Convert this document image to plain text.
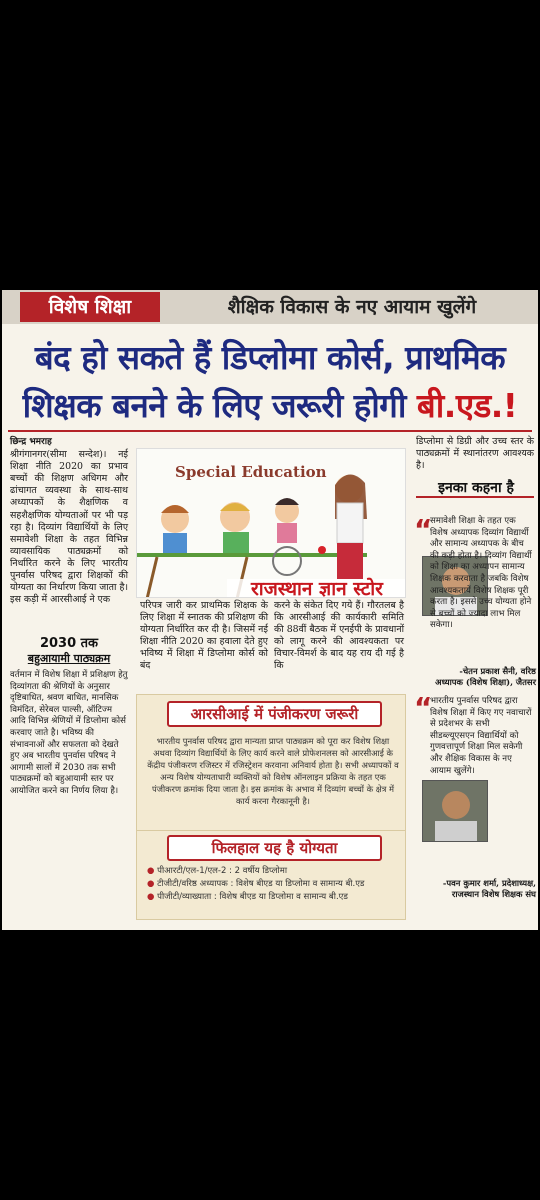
विशेष शिक्षा	शैक्षिक विकास के नए आयाम खुलेंगे
बंद हो सकते हैं डिप्लोमा कोर्स, प्राथमिक
शिक्षक बनने के लिए जरूरी होगी बी.एड.!

छिन्द्र भमराह

श्रीगंगानगर(सीमा सन्देश)। नई शिक्षा नीति 2020 का प्रभाव बच्चों की शिक्षण अधिगम और ढांचागत व्यवस्था के साथ-साथ अध्यापकों के शैक्षणिक व सहशैक्षणिक योग्यताओं पर भी पड़ रहा है। दिव्यांग विद्यार्थियों के लिए समावेशी शिक्षा के तहत विभिन्न व्यावसायिक पाठ्यक्रमों को निर्धारित करने के लिए भारतीय पुनर्वास परिषद द्वारा शिक्षकों की योग्यता का निर्धारण किया जाता है। इस कड़ी में आरसीआई ने एक

2030 तक
बहुआयामी पाठ्यक्रम
वर्तमान में विशेष शिक्षा में प्रशिक्षण हेतु दिव्यांगता की श्रेणियों के अनुसार दृष्टिबाधित, श्रवण बाधित, मानसिक विमंदित, सेरेबल पाल्सी, ऑटिज्म आदि विभिन्न श्रेणियों में डिप्लोमा कोर्स करवाए जाते है। भविष्य की संभावनाओं और सफलता को देखते हुए अब भारतीय पुनर्वास परिषद ने आगामी सालों में 2030 तक सभी पाठ्यक्रमों को बहुआयामी स्तर पर आयोजित करने का निर्णय लिया है।
Special Education
राजस्थान ज्ञान स्टोर
परिपत्र जारी कर प्राथमिक शिक्षक के लिए शिक्षा में स्नातक की प्रशिक्षण की योग्यता निर्धारित कर दी है। जिसमें नई शिक्षा नीति 2020 का हवाला देते हुए भविष्य में शिक्षा में डिप्लोमा कोर्स को बंद
करने के संकेत दिए गये हैं। गौरतलब है कि आरसीआई की कार्यकारी समिति की 88वीं बैठक में एनईपी के प्रावधानों को लागू करने की आवश्यकता पर विचार-विमर्श के बाद यह राय दी गई है कि
डिप्लोमा से डिग्री और उच्च स्तर के पाठ्यक्रमों में स्थानांतरण आवश्यक है।
इनका कहना है
“
समावेशी शिक्षा के तहत एक विशेष अध्यापक दिव्यांग विद्यार्थी और सामान्य अध्यापक के बीच की कड़ी होता है। दिव्यांग विद्यार्थी को शिक्षा का अध्यापन सामान्य शिक्षक करवाता है जबकि विशेष आवश्यकतायें विशेष शिक्षक पूरी करता है। इससे उच्च योग्यता होने से बच्चों को ज्यादा लाभ मिल सकेगा।
-चेतन प्रकाश सैनी, वरिष्ठ
अध्यापक (विशेष शिक्षा), जैतसर
“
भारतीय पुनर्वास परिषद द्वारा विशेष शिक्षा में किए गए नवाचारों से प्रदेशभर के सभी सीडब्ल्यूएसएन विद्यार्थियों को गुणवत्तापूर्ण शिक्षा मिल सकेगी और शैक्षिक विकास के नए आयाम खुलेंगे।
-पवन कुमार शर्मा, प्रदेशाध्यक्ष,
राजस्थान विशेष शिक्षक संघ
आरसीआई में पंजीकरण जरूरी
भारतीय पुनर्वास परिषद द्वारा मान्यता प्राप्त पाठ्यक्रम को पूरा कर विशेष शिक्षा अथवा दिव्यांग विद्यार्थियों के लिए कार्य करने वाले प्रोफेशनलस को आरसीआई के केंद्रीय पंजीकरण रजिस्टर में रजिस्ट्रेशन करवाना अनिवार्य होता है। सभी अध्यापकों व अन्य विशेष योग्यताधारी व्यक्तियों को विशेष ऑनलाइन प्रक्रिया के तहत एक पंजीकरण क्रमांक दिया जाता है। इस क्रमांक के अभाव में दिव्यांग बच्चों के क्षेत्र में कार्य करना गैरकानूनी है।
फिलहाल यह है योग्यता
● पीआरटी/एल-1/एल-2 : 2 वर्षीय डिप्लोमा
● टीजीटी/वरिष्ठ अध्यापक : विशेष बीएड या डिप्लोमा व सामान्य बी.एड
● पीजीटी/व्याख्याता : विशेष बीएड या डिप्लोमा व सामान्य बी.एड
